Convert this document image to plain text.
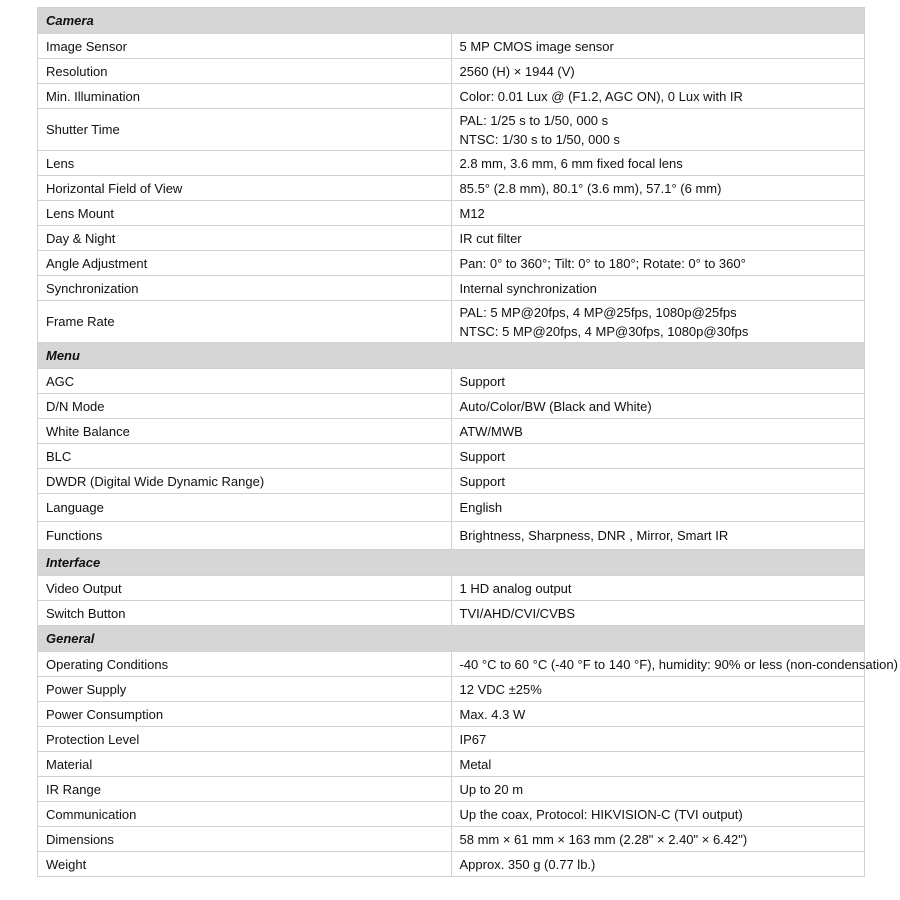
Camera	
Image Sensor	5 MP CMOS image sensor

Resolution	2560 (H) × 1944 (V)

Min. Illumination	Color: 0.01 Lux @ (F1.2, AGC ON), 0 Lux with IR

Shutter Time	PAL: 1/25 s to 1/50, 000 s
NTSC: 1/30 s to 1/50, 000 s

Lens	2.8 mm, 3.6 mm, 6 mm fixed focal lens

Horizontal Field of View	85.5° (2.8 mm), 80.1° (3.6 mm), 57.1° (6 mm)

Lens Mount	M12

Day & Night	IR cut filter

Angle Adjustment	Pan: 0° to 360°; Tilt: 0° to 180°; Rotate: 0° to 360°

Synchronization	Internal synchronization

Frame Rate	PAL: 5 MP@20fps, 4 MP@25fps, 1080p@25fps
NTSC: 5 MP@20fps, 4 MP@30fps, 1080p@30fps

Menu	
AGC	Support

D/N Mode	Auto/Color/BW (Black and White)

White Balance	ATW/MWB

BLC	Support

DWDR (Digital Wide Dynamic Range)	Support

Language	English

Functions	Brightness, Sharpness, DNR , Mirror, Smart IR

Interface	
Video Output	1 HD analog output

Switch Button	TVI/AHD/CVI/CVBS

General	
Operating Conditions	-40 °C to 60 °C (-40 °F to 140 °F), humidity: 90% or less (non-condensation)

Power Supply	12 VDC ±25%

Power Consumption	Max. 4.3 W

Protection Level	IP67

Material	Metal

IR Range	Up to 20 m

Communication	Up the coax, Protocol: HIKVISION-C (TVI output)

Dimensions	58 mm × 61 mm × 163 mm (2.28" × 2.40" × 6.42")

Weight	Approx. 350 g (0.77 lb.)
